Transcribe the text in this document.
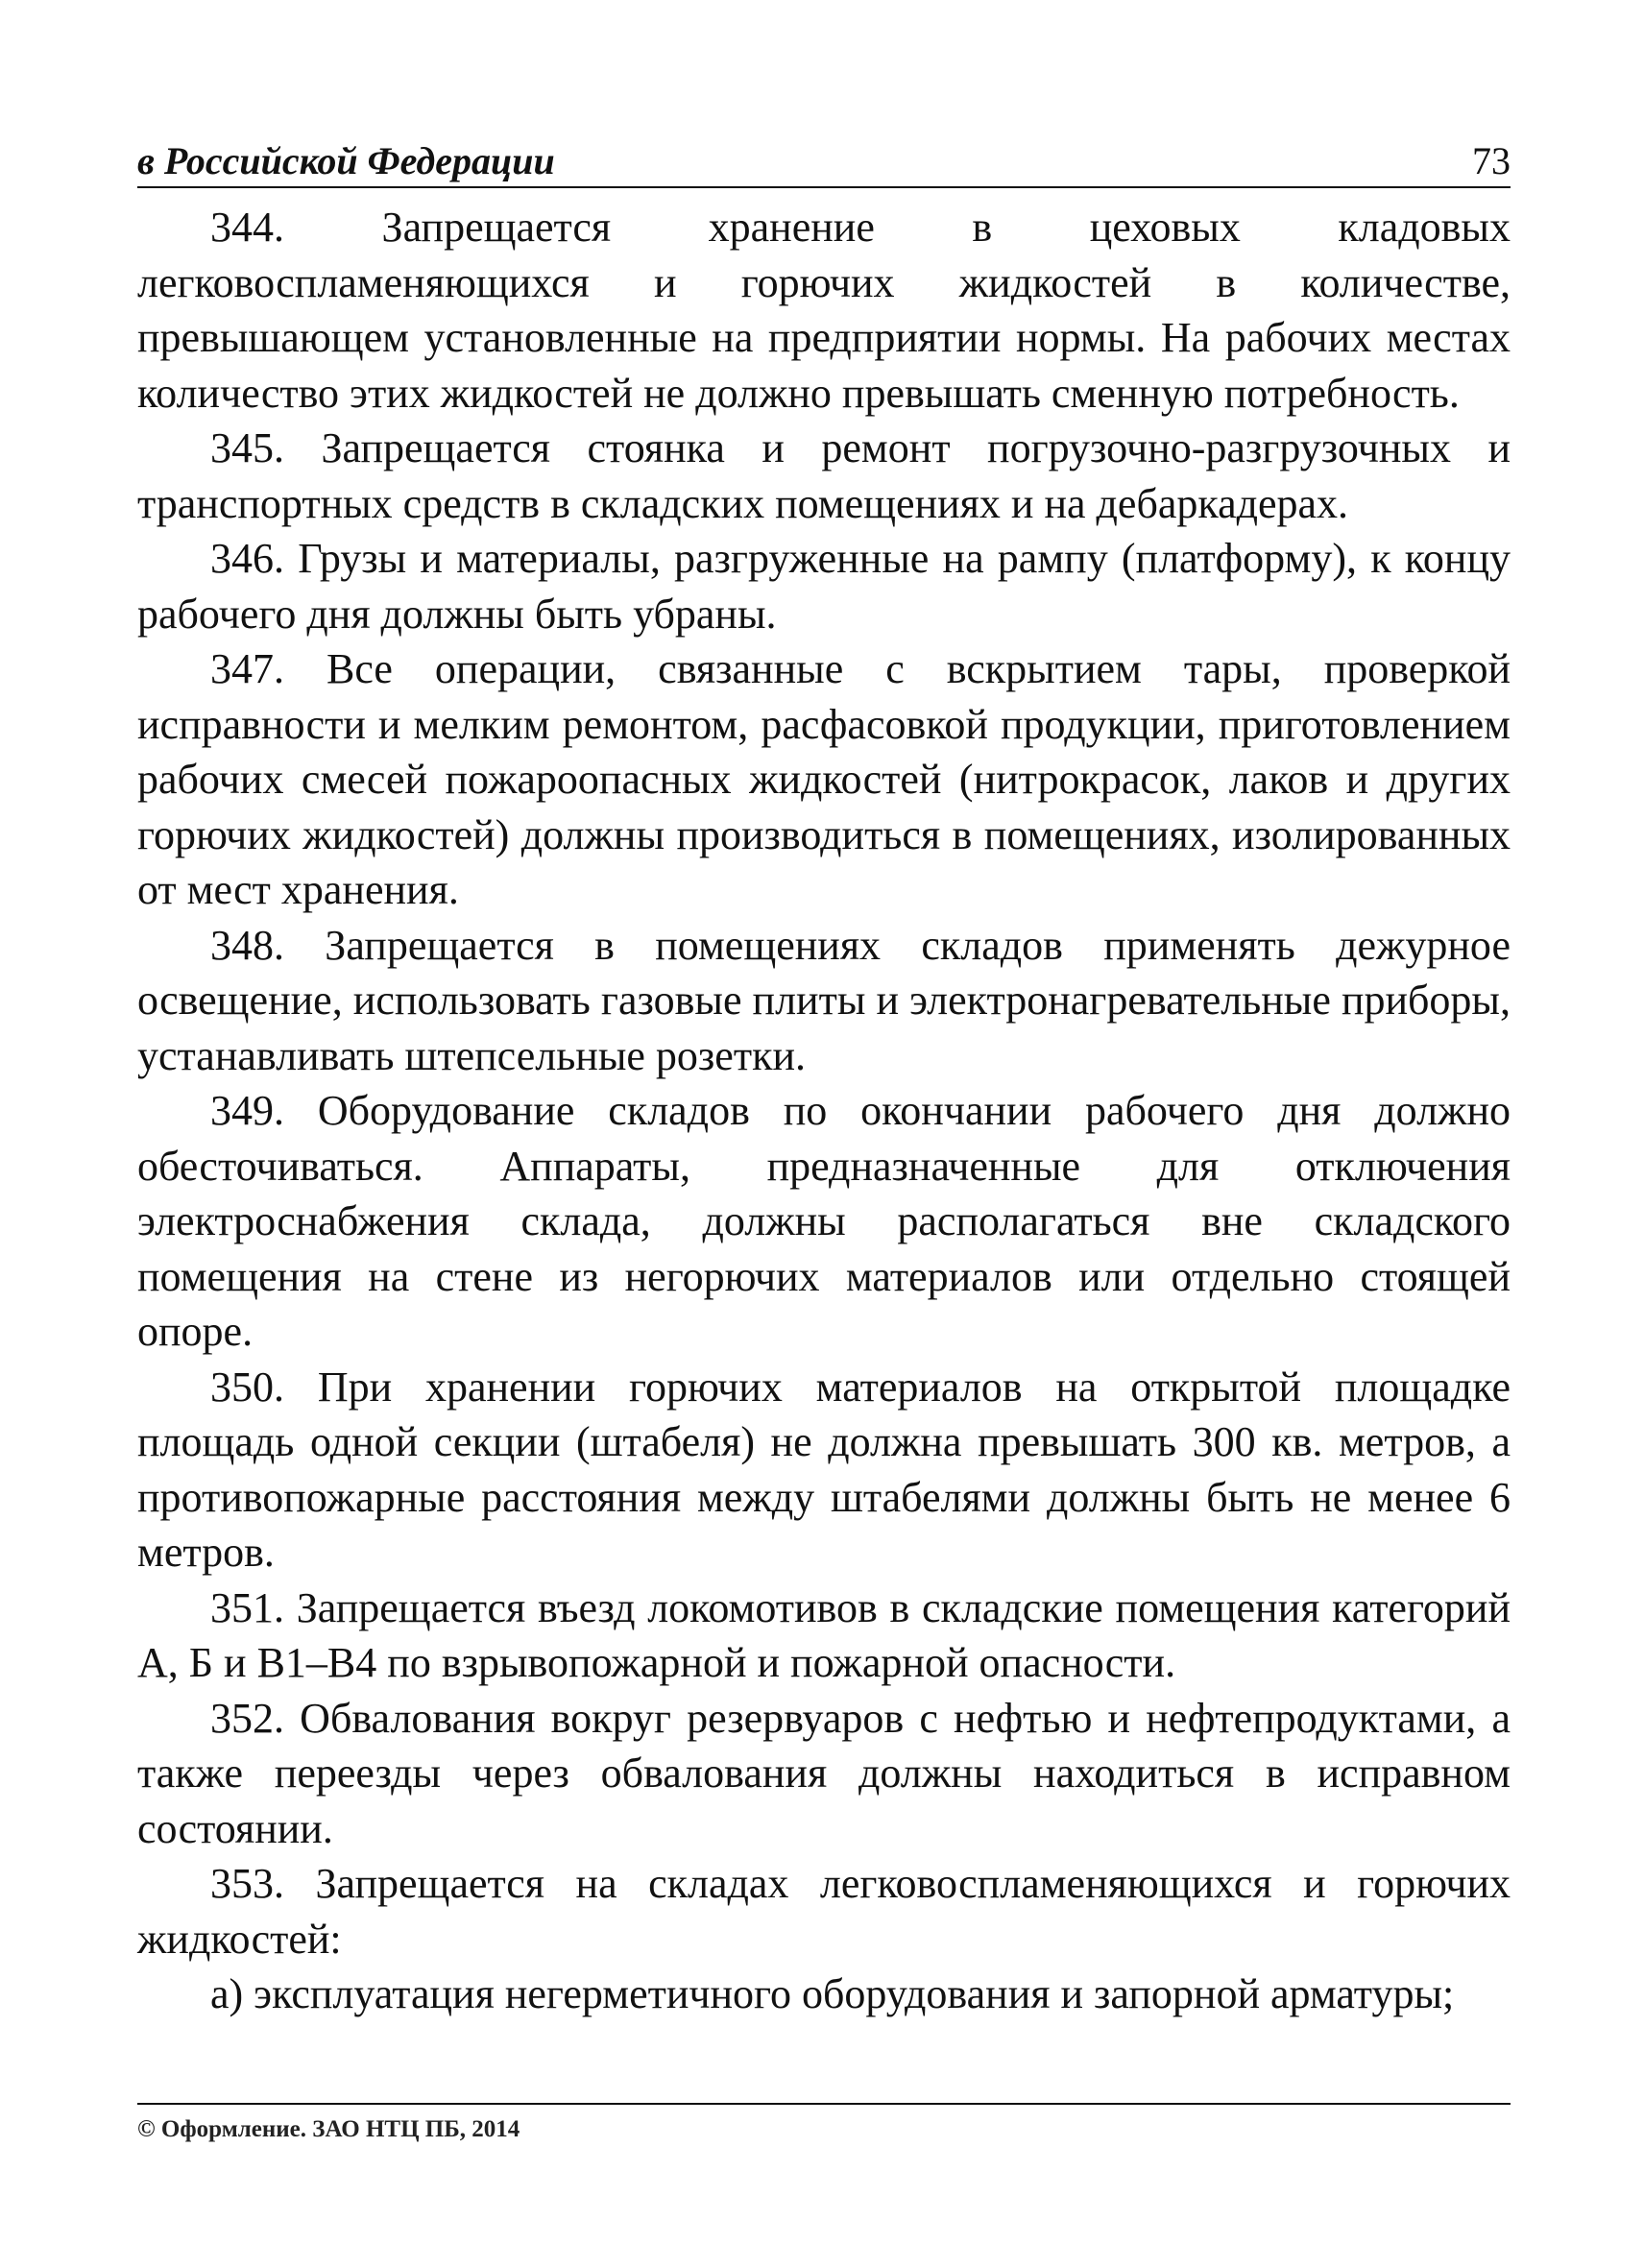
в Российской Федерации	73

344. Запрещается хранение в цеховых кладовых легковоспламеняющихся и горючих жидкостей в количестве, превышающем установленные на предприятии нормы. На рабочих местах количество этих жидкостей не должно превышать сменную потребность.

345. Запрещается стоянка и ремонт погрузочно-разгрузочных и транспортных средств в складских помещениях и на дебаркадерах.

346. Грузы и материалы, разгруженные на рампу (платформу), к концу рабочего дня должны быть убраны.

347. Все операции, связанные с вскрытием тары, проверкой исправности и мелким ремонтом, расфасовкой продукции, приготовлением рабочих смесей пожароопасных жидкостей (нитрокрасок, лаков и других горючих жидкостей) должны производиться в помещениях, изолированных от мест хранения.

348. Запрещается в помещениях складов применять дежурное освещение, использовать газовые плиты и электронагревательные приборы, устанавливать штепсельные розетки.

349. Оборудование складов по окончании рабочего дня должно обесточиваться. Аппараты, предназначенные для отключения электроснабжения склада, должны располагаться вне складского помещения на стене из негорючих материалов или отдельно стоящей опоре.

350. При хранении горючих материалов на открытой площадке площадь одной секции (штабеля) не должна превышать 300 кв. метров, а противопожарные расстояния между штабелями должны быть не менее 6 метров.

351. Запрещается въезд локомотивов в складские помещения категорий А, Б и В1–В4 по взрывопожарной и пожарной опасности.

352. Обвалования вокруг резервуаров с нефтью и нефтепродуктами, а также переезды через обвалования должны находиться в исправном состоянии.

353. Запрещается на складах легковоспламеняющихся и горючих жидкостей:

а) эксплуатация негерметичного оборудования и запорной арматуры;

© Оформление. ЗАО НТЦ ПБ, 2014
